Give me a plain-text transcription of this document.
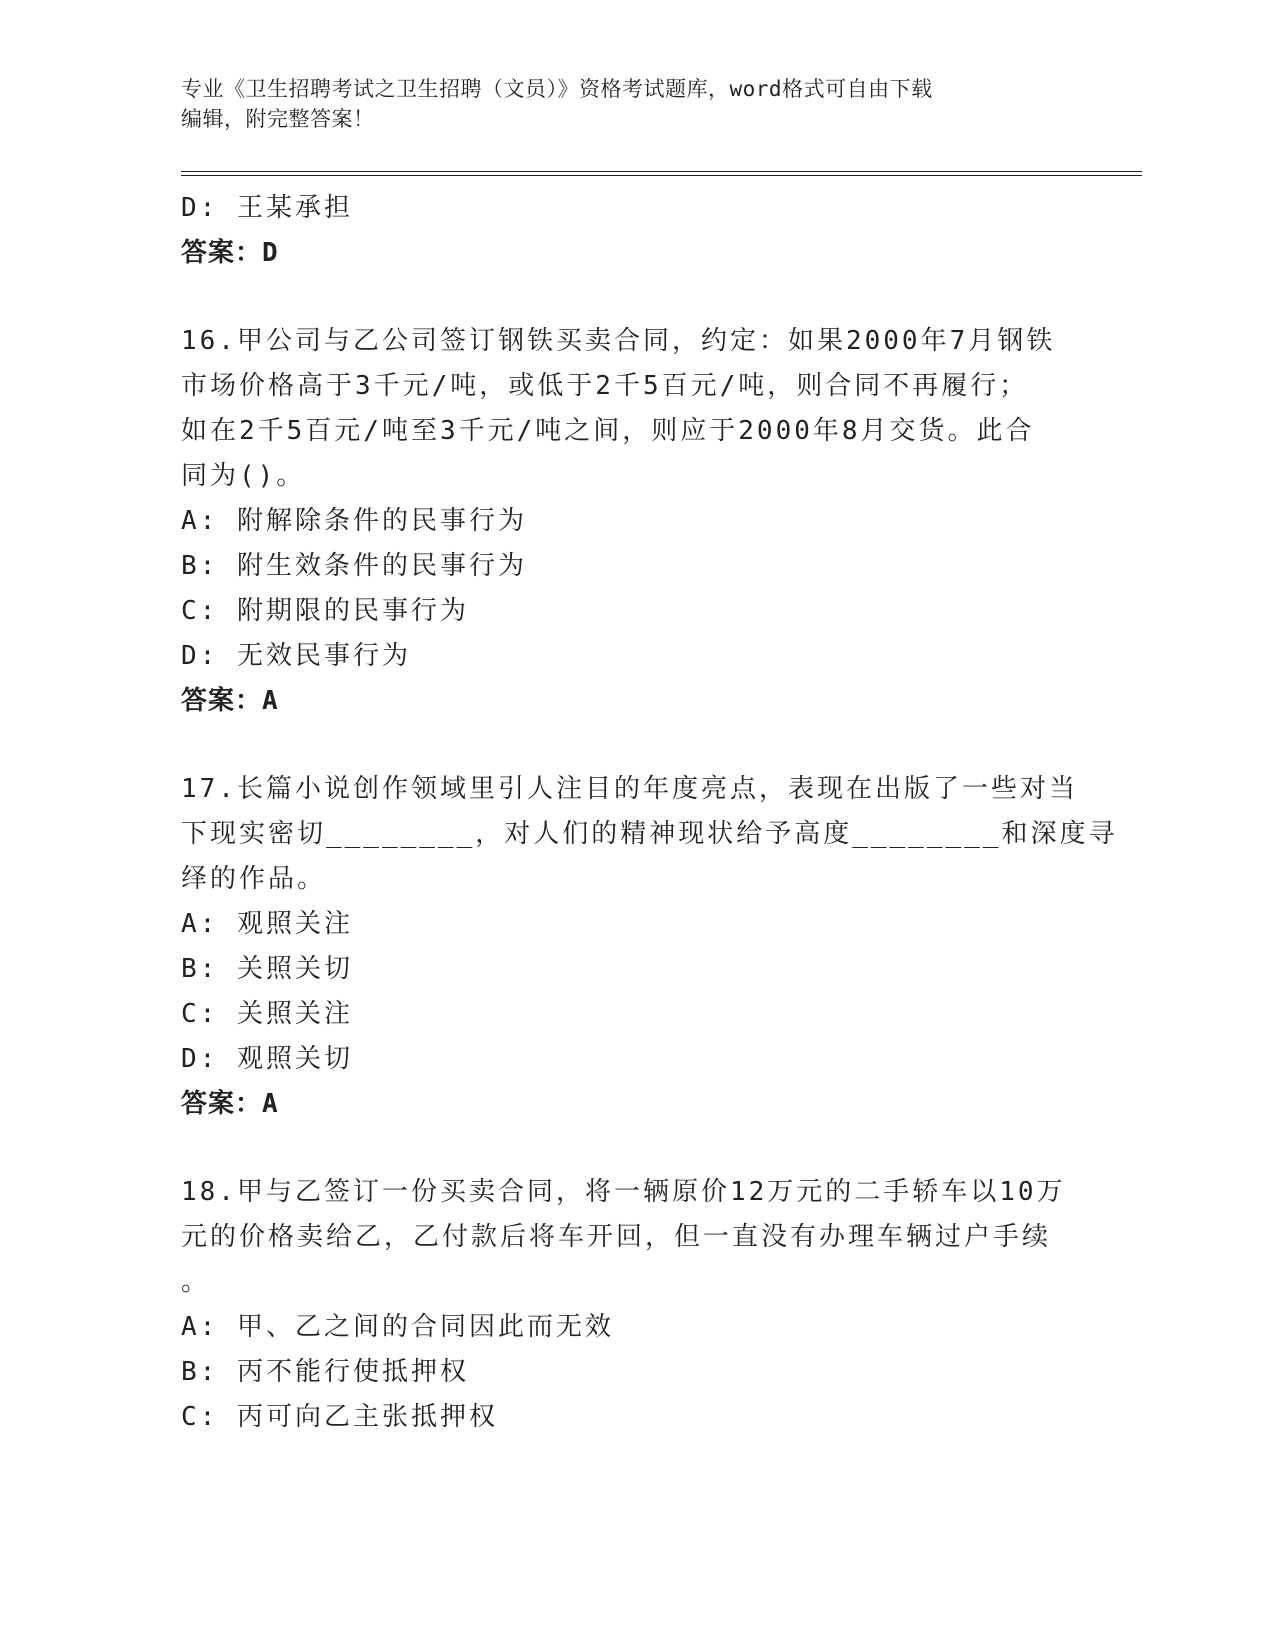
专业《卫生招聘考试之卫生招聘（文员）》资格考试题库，word格式可自由下载
编辑，附完整答案！
D: 王某承担
答案：D
16.甲公司与乙公司签订钢铁买卖合同，约定：如果2000年7月钢铁
市场价格高于3千元/吨，或低于2千5百元/吨，则合同不再履行；
如在2千5百元/吨至3千元/吨之间，则应于2000年8月交货。此合
同为()。
A: 附解除条件的民事行为
B: 附生效条件的民事行为
C: 附期限的民事行为
D: 无效民事行为
答案：A
17.长篇小说创作领域里引人注目的年度亮点，表现在出版了一些对当
下现实密切________，对人们的精神现状给予高度________和深度寻
绎的作品。
A: 观照关注
B: 关照关切
C: 关照关注
D: 观照关切
答案：A
18.甲与乙签订一份买卖合同，将一辆原价12万元的二手轿车以10万
元的价格卖给乙，乙付款后将车开回，但一直没有办理车辆过户手续
。
A: 甲、乙之间的合同因此而无效
B: 丙不能行使抵押权
C: 丙可向乙主张抵押权
